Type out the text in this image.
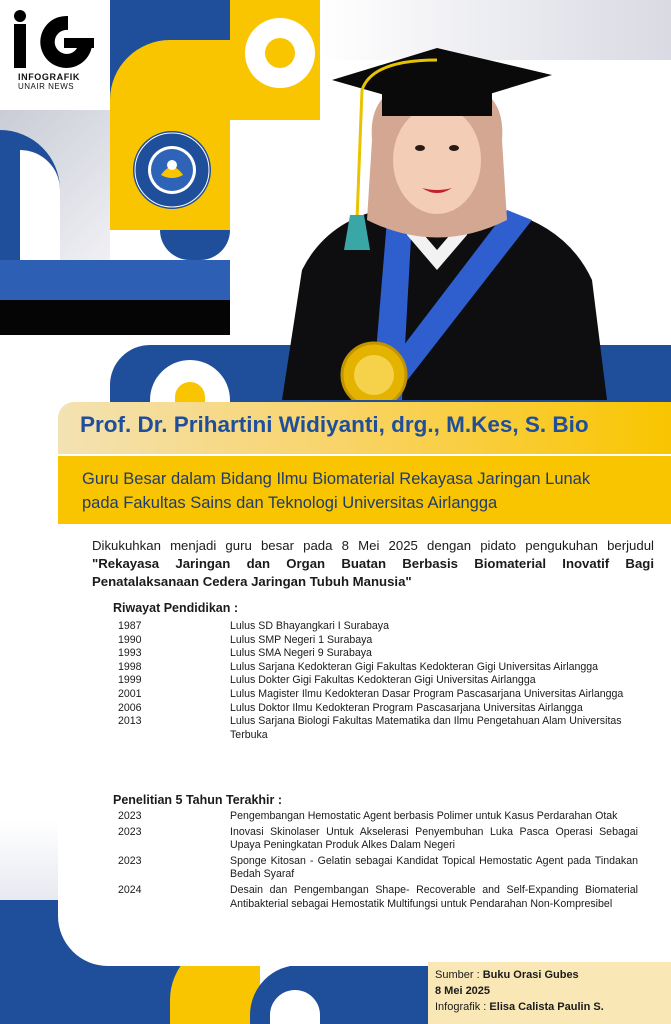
INFOGRAFIK
UNAIR NEWS
Prof. Dr. Prihartini Widiyanti, drg., M.Kes, S. Bio
Guru Besar dalam Bidang Ilmu Biomaterial Rekayasa Jaringan Lunak
pada Fakultas Sains dan Teknologi Universitas Airlangga
Dikukuhkan menjadi guru besar pada 8 Mei 2025 dengan pidato pengukuhan berjudul "Rekayasa Jaringan dan Organ Buatan Berbasis Biomaterial Inovatif Bagi Penatalaksanaan Cedera Jaringan Tubuh Manusia"
Riwayat Pendidikan :
1987	Lulus SD Bhayangkari I Surabaya
1990	Lulus SMP Negeri 1 Surabaya
1993	Lulus SMA Negeri 9 Surabaya
1998	Lulus Sarjana Kedokteran Gigi Fakultas Kedokteran Gigi Universitas Airlangga
1999	Lulus Dokter Gigi Fakultas Kedokteran Gigi Universitas Airlangga
2001	Lulus Magister Ilmu Kedokteran Dasar Program Pascasarjana Universitas Airlangga
2006	Lulus Doktor Ilmu Kedokteran Program Pascasarjana Universitas Airlangga
2013	Lulus Sarjana Biologi Fakultas Matematika dan Ilmu Pengetahuan Alam Universitas Terbuka
Penelitian 5 Tahun Terakhir :
2023	Pengembangan Hemostatic Agent berbasis Polimer untuk Kasus Perdarahan Otak
2023	Inovasi Skinolaser Untuk Akselerasi Penyembuhan Luka Pasca Operasi Sebagai Upaya Peningkatan Produk Alkes Dalam Negeri
2023	Sponge Kitosan - Gelatin sebagai Kandidat Topical Hemostatic Agent pada Tindakan Bedah Syaraf
2024	Desain dan Pengembangan Shape- Recoverable and Self-Expanding Biomaterial Antibakterial sebagai Hemostatik Multifungsi untuk Pendarahan Non-Kompresibel
Sumber : Buku Orasi Gubes
8 Mei 2025
Infografik : Elisa Calista Paulin S.
